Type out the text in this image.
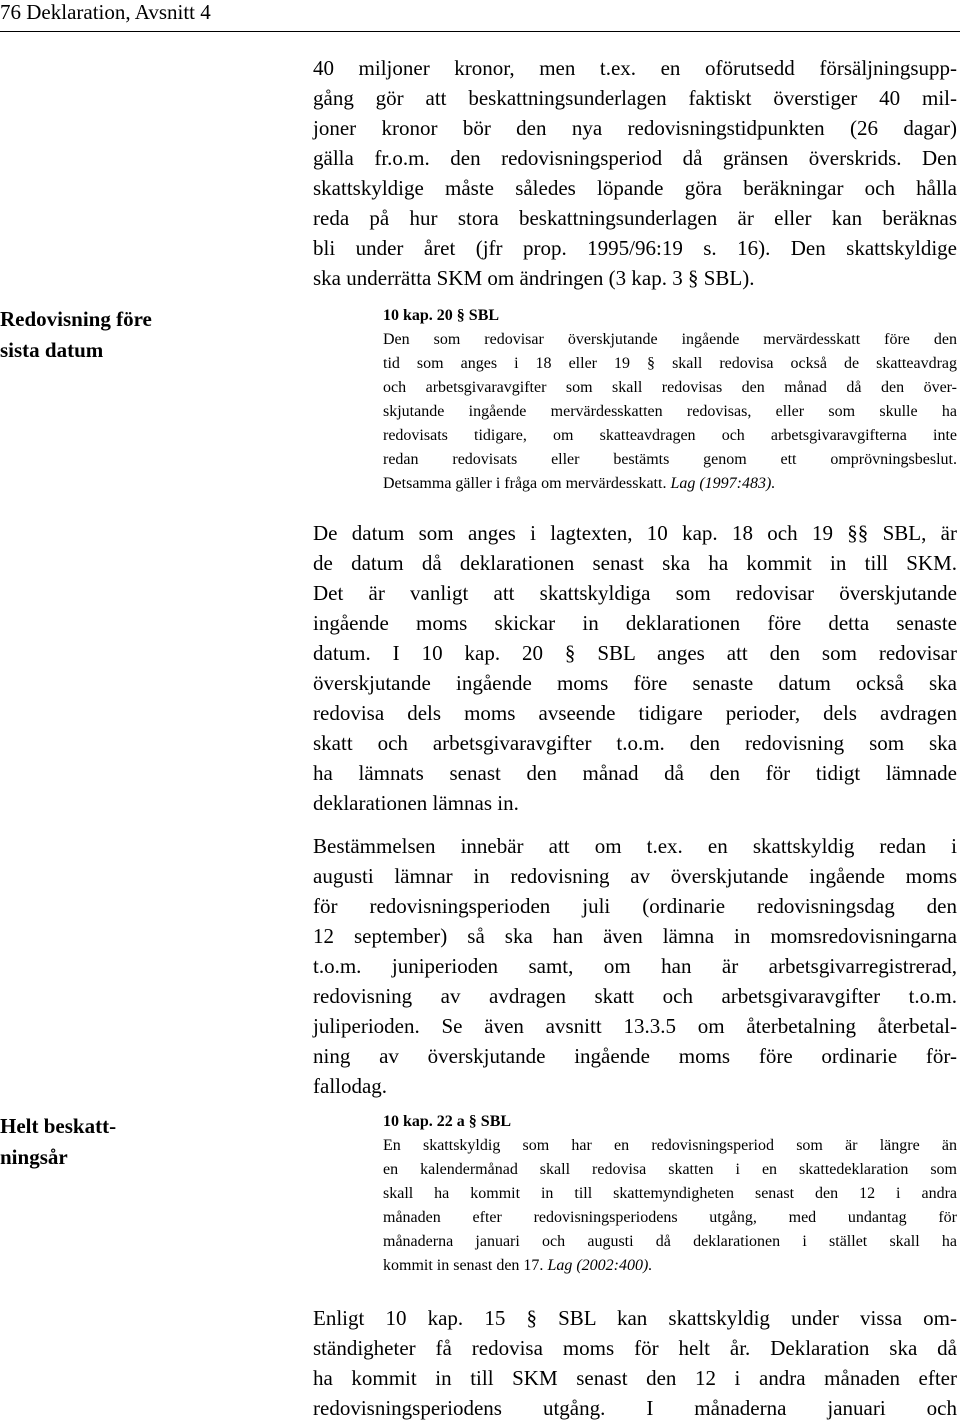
76 Deklaration, Avsnitt 4
Redovisning före
sista datum
Helt beskatt-
ningsår
40 miljoner kronor, men t.ex. en oförutsedd försäljningsupp-
gång gör att beskattningsunderlagen faktiskt överstiger 40 mil-
joner kronor bör den nya redovisningstidpunkten (26 dagar)
gälla fr.o.m. den redovisningsperiod då gränsen överskrids. Den
skattskyldige måste således löpande göra beräkningar och hålla
reda på hur stora beskattningsunderlagen är eller kan beräknas
bli under året (jfr prop. 1995/96:19 s. 16). Den skattskyldige
ska underrätta SKM om ändringen (3 kap. 3 § SBL).
10 kap. 20 § SBL
Den som redovisar överskjutande ingående mervärdesskatt före den
tid som anges i 18 eller 19 § skall redovisa också de skatteavdrag
och arbetsgivaravgifter som skall redovisas den månad då den över-
skjutande ingående mervärdesskatten redovisas, eller som skulle ha
redovisats tidigare, om skatteavdragen och arbetsgivaravgifterna inte
redan redovisats eller bestämts genom ett omprövningsbeslut.
Detsamma gäller i fråga om mervärdesskatt. Lag (1997:483).
De datum som anges i lagtexten, 10 kap. 18 och 19 §§ SBL, är
de datum då deklarationen senast ska ha kommit in till SKM.
Det är vanligt att skattskyldiga som redovisar överskjutande
ingående moms skickar in deklarationen före detta senaste
datum. I 10 kap. 20 § SBL anges att den som redovisar
överskjutande ingående moms före senaste datum också ska
redovisa dels moms avseende tidigare perioder, dels avdragen
skatt och arbetsgivaravgifter t.o.m. den redovisning som ska
ha lämnats senast den månad då den för tidigt lämnade
deklarationen lämnas in.
Bestämmelsen innebär att om t.ex. en skattskyldig redan i
augusti lämnar in redovisning av överskjutande ingående moms
för redovisningsperioden juli (ordinarie redovisningsdag den
12 september) så ska han även lämna in momsredovisningarna
t.o.m. juniperioden samt, om han är arbetsgivarregistrerad,
redovisning av avdragen skatt och arbetsgivaravgifter t.o.m.
juliperioden. Se även avsnitt 13.3.5 om återbetalning återbetal-
ning av överskjutande ingående moms före ordinarie för-
fallodag.
10 kap. 22 a § SBL
En skattskyldig som har en redovisningsperiod som är längre än
en kalendermånad skall redovisa skatten i en skattedeklaration som
skall ha kommit in till skattemyndigheten senast den 12 i andra
månaden efter redovisningsperiodens utgång, med undantag för
månaderna januari och augusti då deklarationen i stället skall ha
kommit in senast den 17. Lag (2002:400).
Enligt 10 kap. 15 § SBL kan skattskyldig under vissa om-
ständigheter få redovisa moms för helt år. Deklaration ska då
ha kommit in till SKM senast den 12 i andra månaden efter
redovisningsperiodens utgång. I månaderna januari och
